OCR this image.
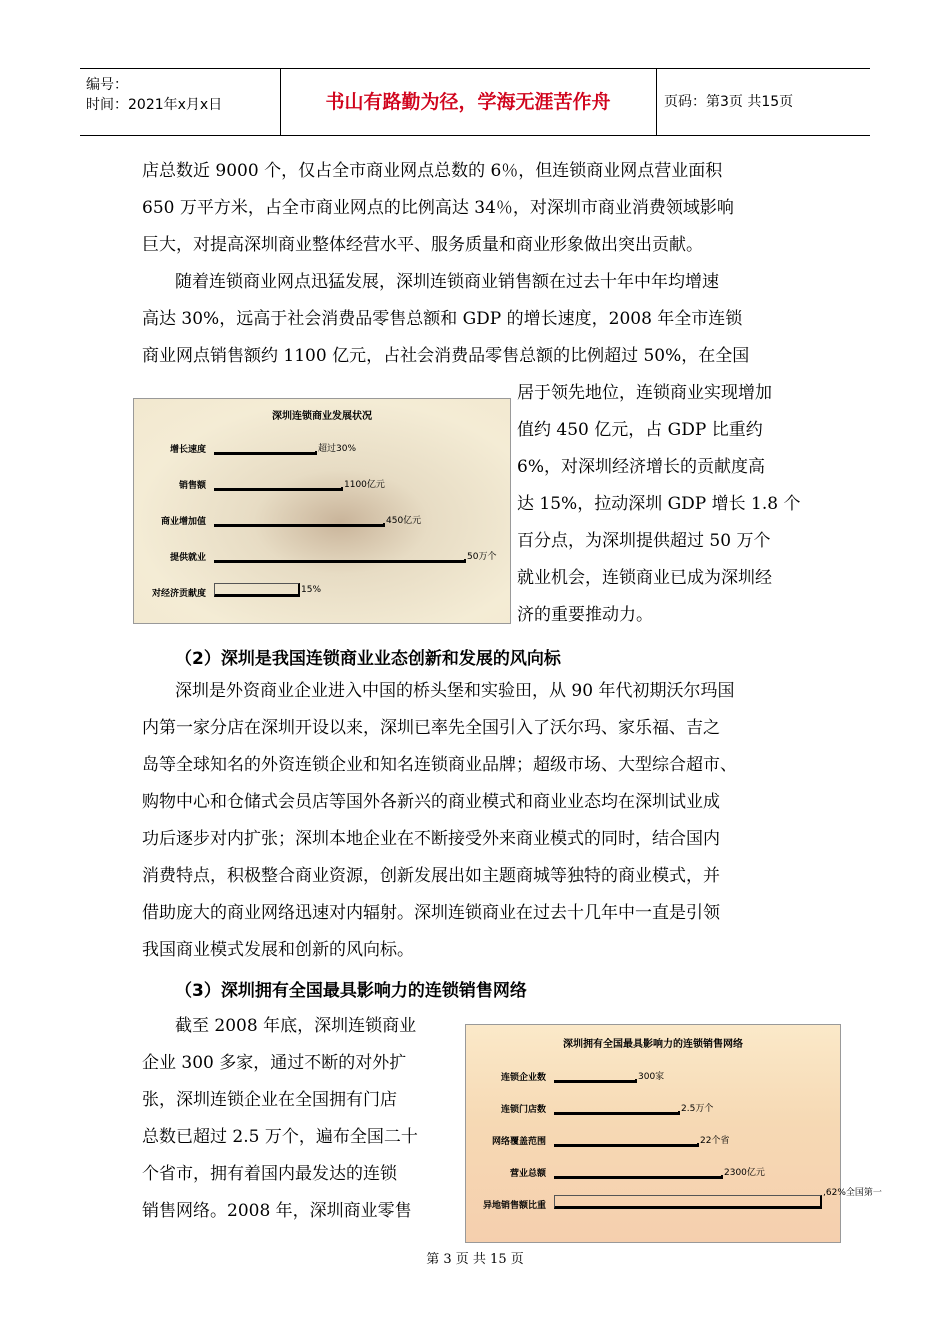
编号：
时间：2021年x月x日	书山有路勤为径，学海无涯苦作舟	页码：第3页 共15页
店总数近 9000 个，仅占全市商业网点总数的 6％，但连锁商业网点营业面积
650 万平方米，占全市商业网点的比例高达 34％，对深圳市商业消费领域影响
巨大，对提高深圳商业整体经营水平、服务质量和商业形象做出突出贡献。
随着连锁商业网点迅猛发展，深圳连锁商业销售额在过去十年中年均增速
高达 30%，远高于社会消费品零售总额和 GDP 的增长速度，2008 年全市连锁
商业网点销售额约 1100 亿元，占社会消费品零售总额的比例超过 50%，在全国
居于领先地位，连锁商业实现增加
值约 450 亿元，占 GDP 比重约
6%，对深圳经济增长的贡献度高
达 15%，拉动深圳 GDP 增长 1.8 个
百分点，为深圳提供超过 50 万个
就业机会，连锁商业已成为深圳经
济的重要推动力。
深圳连锁商业发展状况
增长速度	超过30%
销售额	1100亿元
商业增加值	450亿元
提供就业	50万个
对经济贡献度	15%
（2）深圳是我国连锁商业业态创新和发展的风向标
深圳是外资商业企业进入中国的桥头堡和实验田，从 90 年代初期沃尔玛国
内第一家分店在深圳开设以来，深圳已率先全国引入了沃尔玛、家乐福、吉之
岛等全球知名的外资连锁企业和知名连锁商业品牌；超级市场、大型综合超市、
购物中心和仓储式会员店等国外各新兴的商业模式和商业业态均在深圳试业成
功后逐步对内扩张；深圳本地企业在不断接受外来商业模式的同时，结合国内
消费特点，积极整合商业资源，创新发展出如主题商城等独特的商业模式，并
借助庞大的商业网络迅速对内辐射。深圳连锁商业在过去十几年中一直是引领
我国商业模式发展和创新的风向标。
（3）深圳拥有全国最具影响力的连锁销售网络
截至 2008 年底，深圳连锁商业
企业 300 多家，通过不断的对外扩
张，深圳连锁企业在全国拥有门店
总数已超过 2.5 万个，遍布全国二十
个省市，拥有着国内最发达的连锁
销售网络。2008 年，深圳商业零售
深圳拥有全国最具影响力的连锁销售网络
连锁企业数	300家
连锁门店数	2.5万个
网络覆盖范围	22个省
营业总额	2300亿元
异地销售额比重
,62%全国第一
第 3 页 共 15 页
